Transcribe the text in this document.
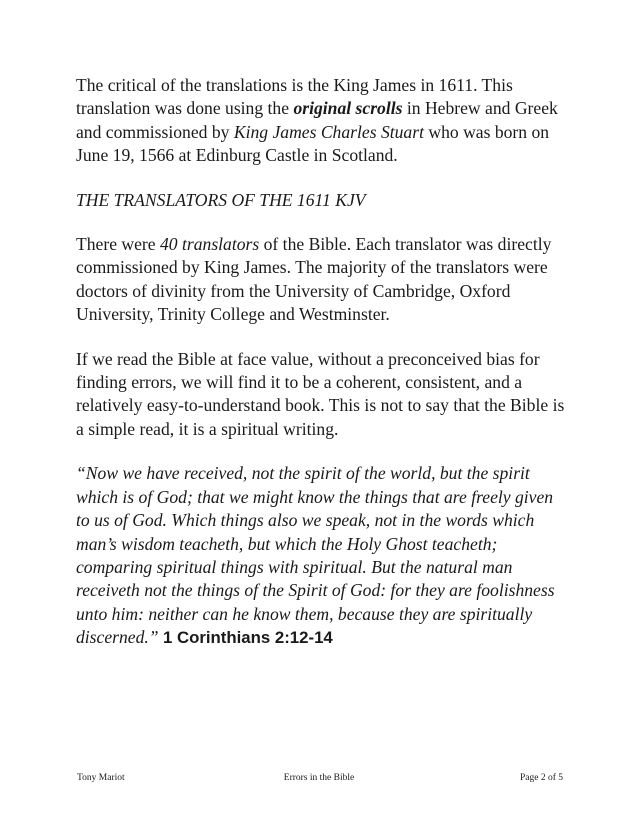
The critical of the translations is the King James in 1611. This translation was done using the original scrolls in Hebrew and Greek and commissioned by King James Charles Stuart who was born on June 19, 1566 at Edinburg Castle in Scotland.

THE TRANSLATORS OF THE 1611 KJV

There were 40 translators of the Bible. Each translator was directly commissioned by King James. The majority of the translators were doctors of divinity from the University of Cambridge, Oxford University, Trinity College and Westminster.

If we read the Bible at face value, without a preconceived bias for finding errors, we will find it to be a coherent, consistent, and a relatively easy-to-understand book. This is not to say that the Bible is a simple read, it is a spiritual writing.

“Now we have received, not the spirit of the world, but the spirit which is of God; that we might know the things that are freely given to us of God. Which things also we speak, not in the words which man’s wisdom teacheth, but which the Holy Ghost teacheth; comparing spiritual things with spiritual. But the natural man receiveth not the things of the Spirit of God: for they are foolishness unto him: neither can he know them, because they are spiritually discerned.” 1 Corinthians 2:12-14

Tony Mariot	Errors in the Bible	Page 2 of 5
